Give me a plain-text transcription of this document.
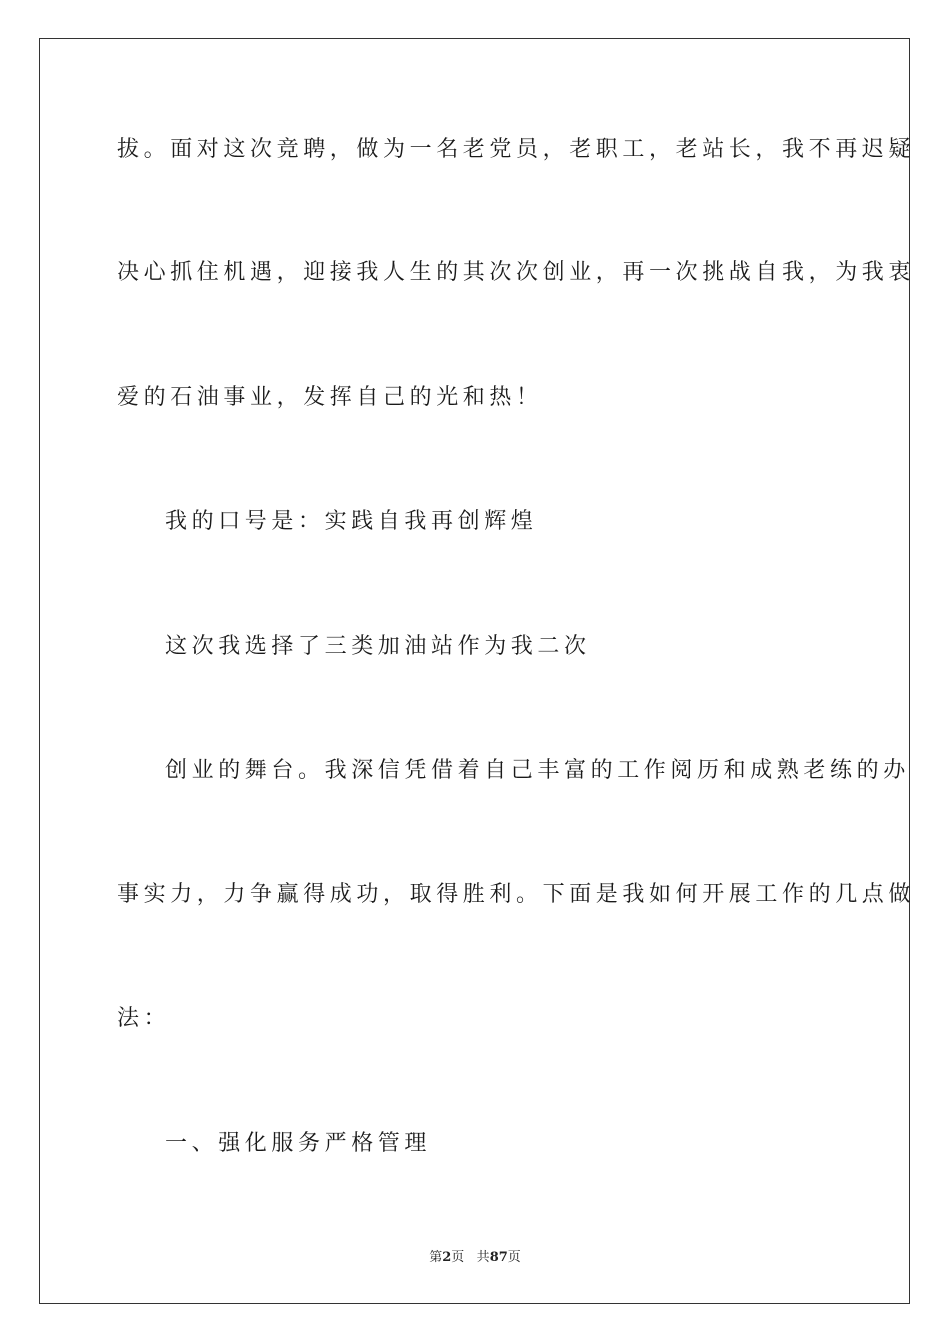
拔。面对这次竞聘，做为一名老党员，老职工，老站长，我不再迟疑
决心抓住机遇，迎接我人生的其次次创业，再一次挑战自我，为我衷
爱的石油事业，发挥自己的光和热！
我的口号是：实践自我再创辉煌
这次我选择了三类加油站作为我二次
创业的舞台。我深信凭借着自己丰富的工作阅历和成熟老练的办
事实力，力争赢得成功，取得胜利。下面是我如何开展工作的几点做
法：
一、强化服务严格管理
第2页 共87页
